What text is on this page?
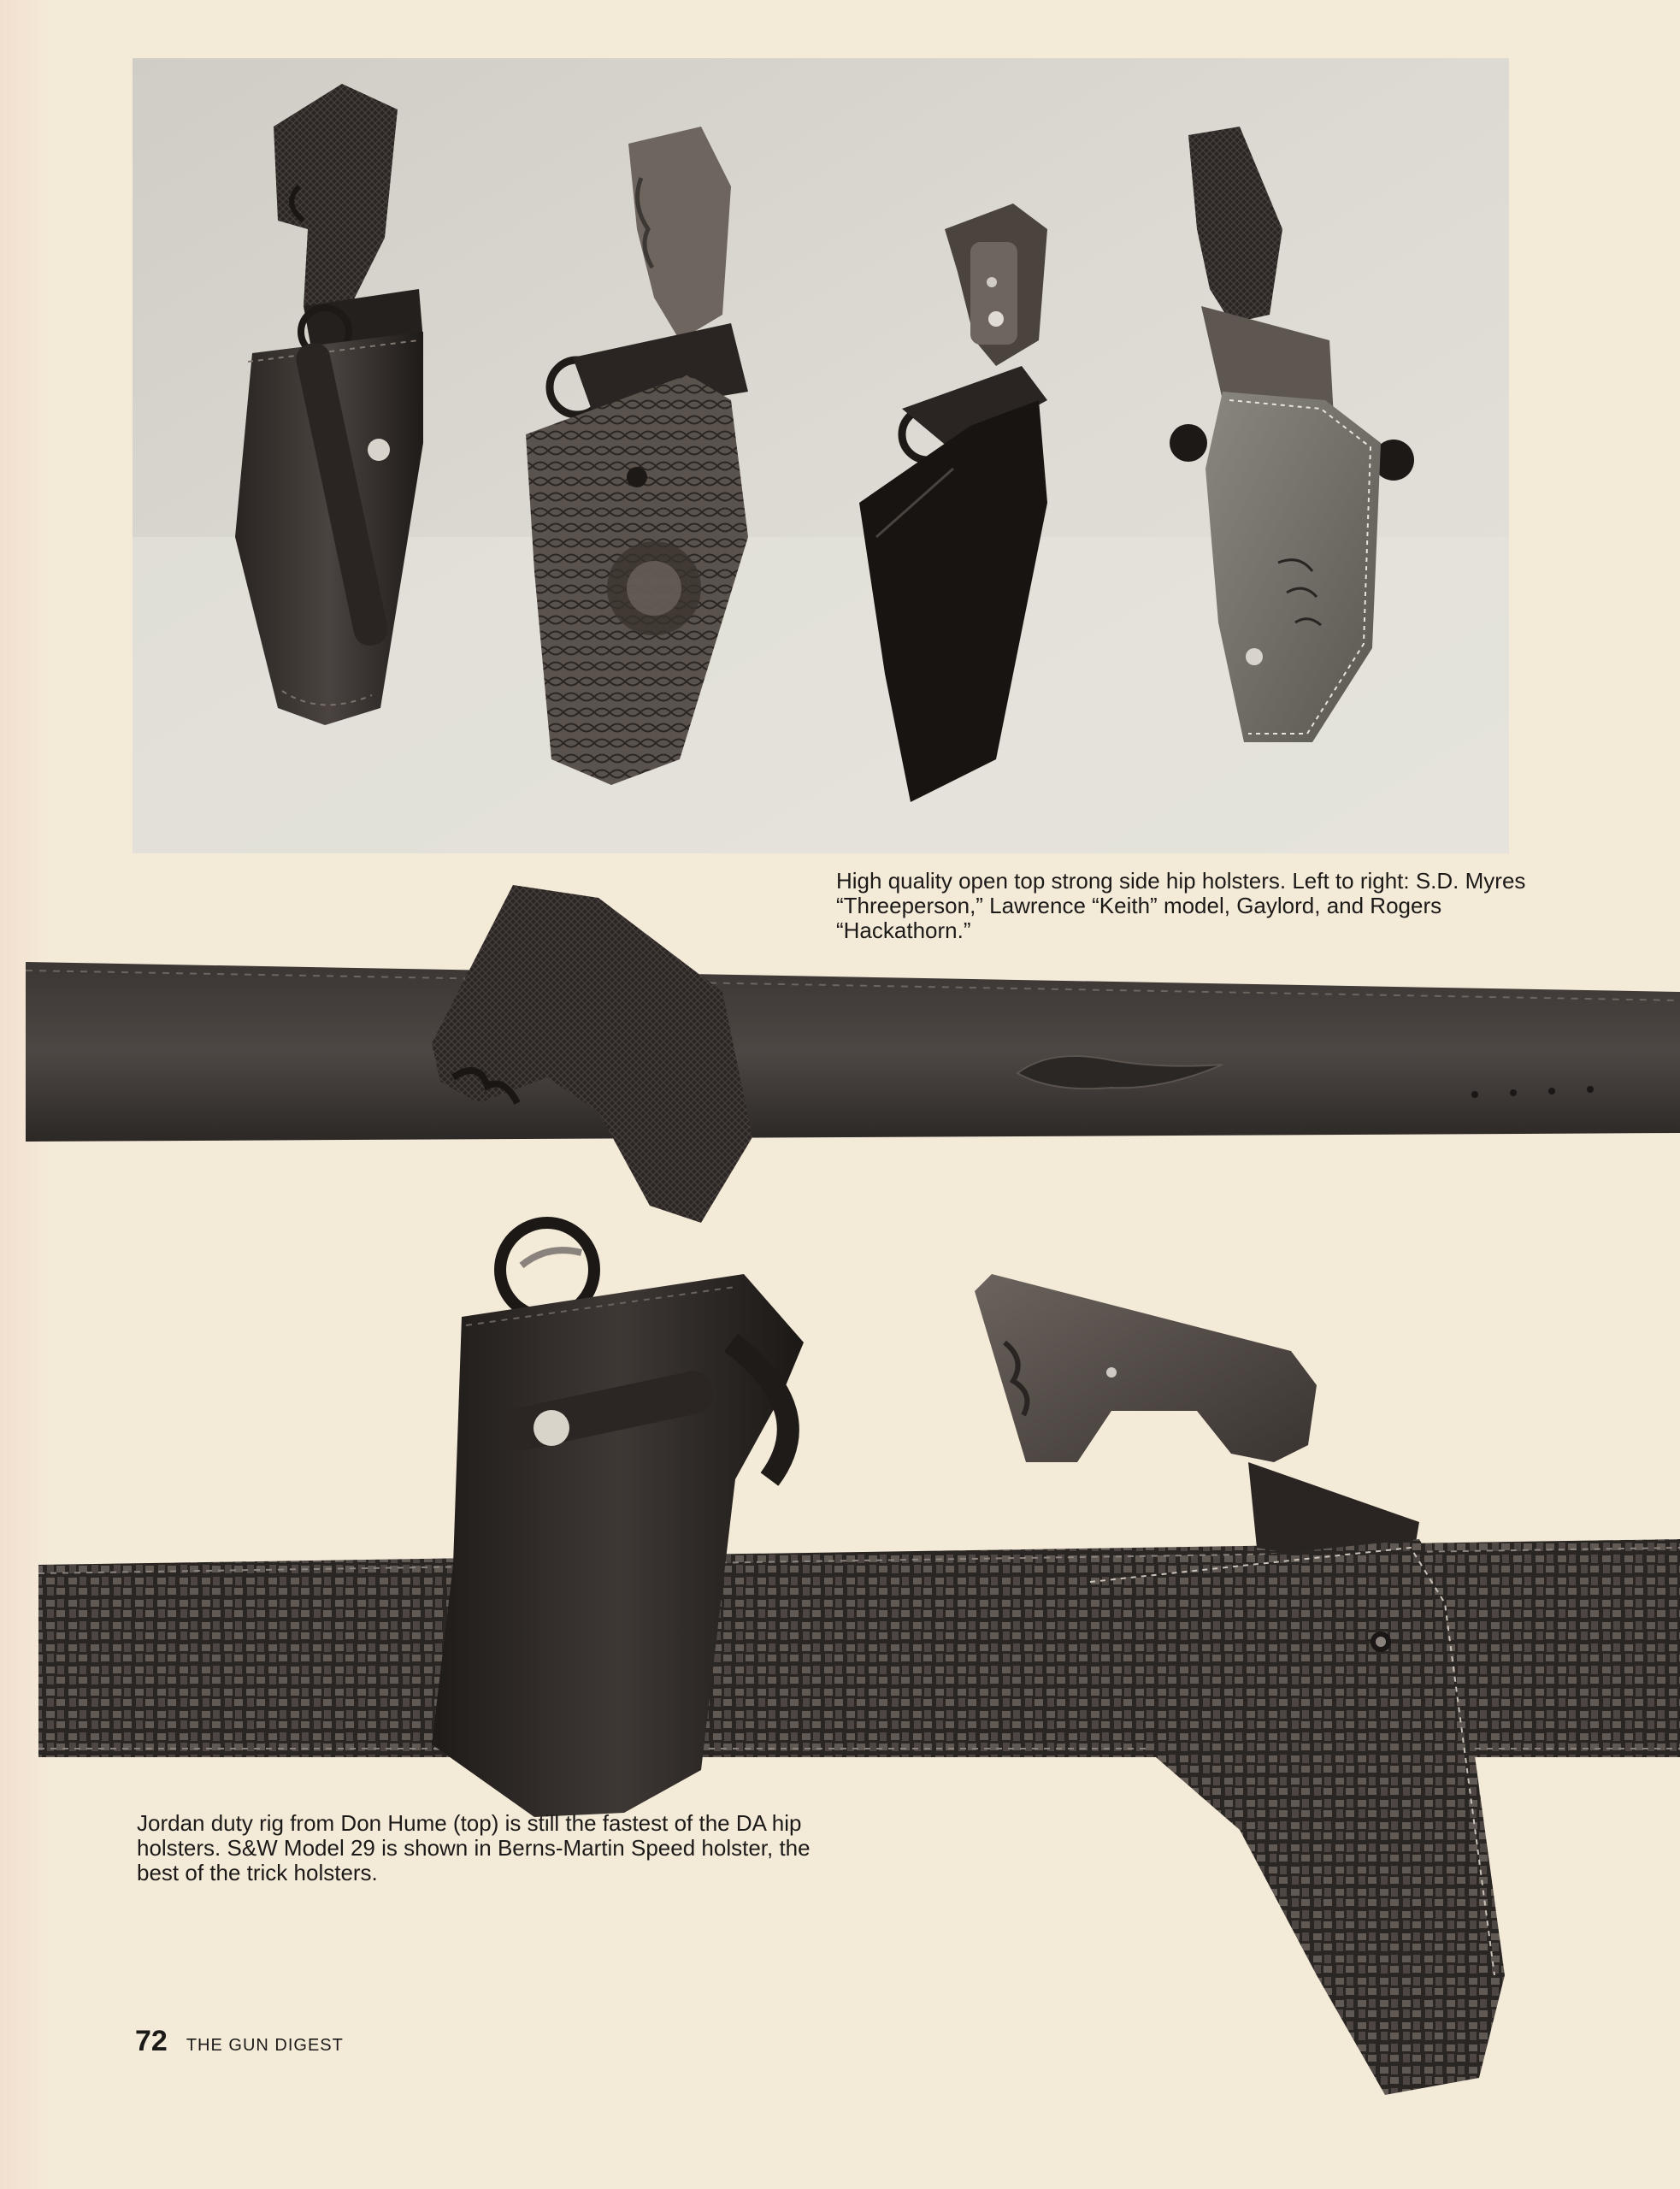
High quality open top strong side hip holsters. Left to right: S.D. Myres “Threeperson,” Lawrence “Keith” model, Gaylord, and Rogers “Hackathorn.”

Jordan duty rig from Don Hume (top) is still the fastest of the DA hip holsters. S&W Model 29 is shown in Berns-Martin Speed holster, the best of the trick holsters.

72 THE GUN DIGEST
